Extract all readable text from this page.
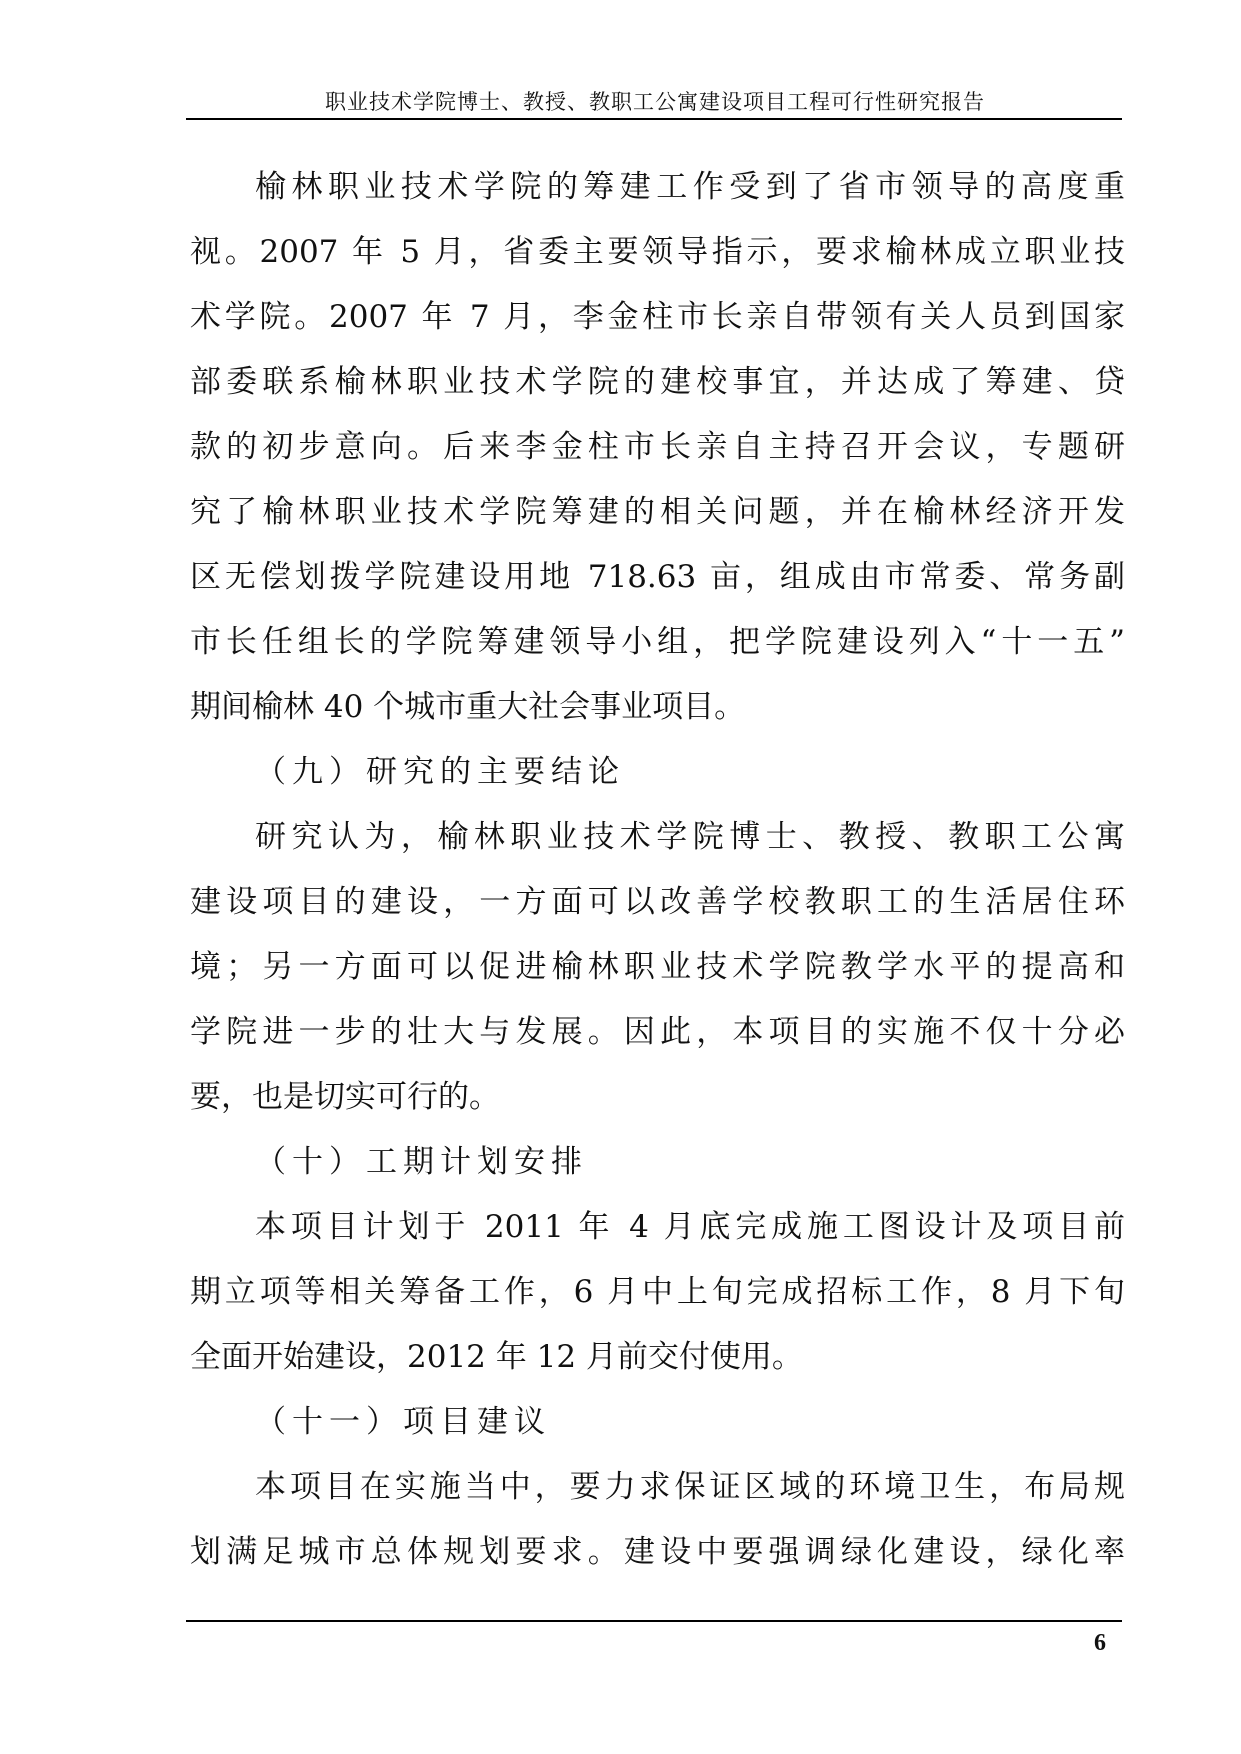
职业技术学院博士、教授、教职工公寓建设项目工程可行性研究报告
榆林职业技术学院的筹建工作受到了省市领导的高度重
视。2007 年 5 月，省委主要领导指示，要求榆林成立职业技
术学院。2007 年 7 月，李金柱市长亲自带领有关人员到国家
部委联系榆林职业技术学院的建校事宜，并达成了筹建、贷
款的初步意向。后来李金柱市长亲自主持召开会议，专题研
究了榆林职业技术学院筹建的相关问题，并在榆林经济开发
区无偿划拨学院建设用地 718.63 亩，组成由市常委、常务副
市长任组长的学院筹建领导小组，把学院建设列入“十一五”
期间榆林 40 个城市重大社会事业项目。
（九）研究的主要结论
研究认为，榆林职业技术学院博士、教授、教职工公寓
建设项目的建设，一方面可以改善学校教职工的生活居住环
境；另一方面可以促进榆林职业技术学院教学水平的提高和
学院进一步的壮大与发展。因此，本项目的实施不仅十分必
要，也是切实可行的。
（十）工期计划安排
本项目计划于 2011 年 4 月底完成施工图设计及项目前
期立项等相关筹备工作，6 月中上旬完成招标工作，8 月下旬
全面开始建设，2012 年 12 月前交付使用。
（十一）项目建议
本项目在实施当中，要力求保证区域的环境卫生，布局规
划满足城市总体规划要求。建设中要强调绿化建设，绿化率
6
